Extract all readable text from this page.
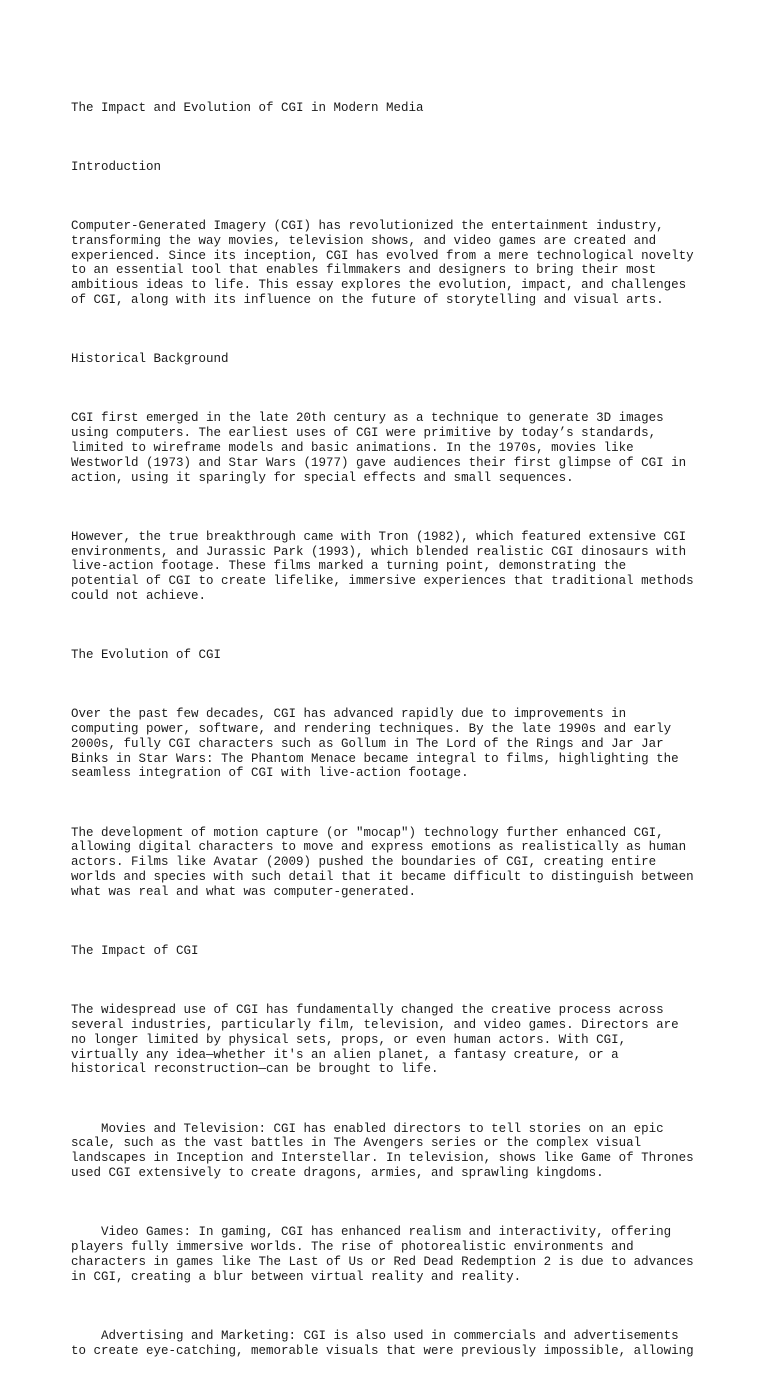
The Impact and Evolution of CGI in Modern Media

Introduction

Computer-Generated Imagery (CGI) has revolutionized the entertainment industry,
transforming the way movies, television shows, and video games are created and
experienced. Since its inception, CGI has evolved from a mere technological novelty
to an essential tool that enables filmmakers and designers to bring their most
ambitious ideas to life. This essay explores the evolution, impact, and challenges
of CGI, along with its influence on the future of storytelling and visual arts.

Historical Background

CGI first emerged in the late 20th century as a technique to generate 3D images
using computers. The earliest uses of CGI were primitive by today’s standards,
limited to wireframe models and basic animations. In the 1970s, movies like
Westworld (1973) and Star Wars (1977) gave audiences their first glimpse of CGI in
action, using it sparingly for special effects and small sequences.

However, the true breakthrough came with Tron (1982), which featured extensive CGI
environments, and Jurassic Park (1993), which blended realistic CGI dinosaurs with
live-action footage. These films marked a turning point, demonstrating the
potential of CGI to create lifelike, immersive experiences that traditional methods
could not achieve.

The Evolution of CGI

Over the past few decades, CGI has advanced rapidly due to improvements in
computing power, software, and rendering techniques. By the late 1990s and early
2000s, fully CGI characters such as Gollum in The Lord of the Rings and Jar Jar
Binks in Star Wars: The Phantom Menace became integral to films, highlighting the
seamless integration of CGI with live-action footage.

The development of motion capture (or "mocap") technology further enhanced CGI,
allowing digital characters to move and express emotions as realistically as human
actors. Films like Avatar (2009) pushed the boundaries of CGI, creating entire
worlds and species with such detail that it became difficult to distinguish between
what was real and what was computer-generated.

The Impact of CGI

The widespread use of CGI has fundamentally changed the creative process across
several industries, particularly film, television, and video games. Directors are
no longer limited by physical sets, props, or even human actors. With CGI,
virtually any idea—whether it's an alien planet, a fantasy creature, or a
historical reconstruction—can be brought to life.

Movies and Television: CGI has enabled directors to tell stories on an epic
scale, such as the vast battles in The Avengers series or the complex visual
landscapes in Inception and Interstellar. In television, shows like Game of Thrones
used CGI extensively to create dragons, armies, and sprawling kingdoms.

Video Games: In gaming, CGI has enhanced realism and interactivity, offering
players fully immersive worlds. The rise of photorealistic environments and
characters in games like The Last of Us or Red Dead Redemption 2 is due to advances
in CGI, creating a blur between virtual reality and reality.

Advertising and Marketing: CGI is also used in commercials and advertisements
to create eye-catching, memorable visuals that were previously impossible, allowing
